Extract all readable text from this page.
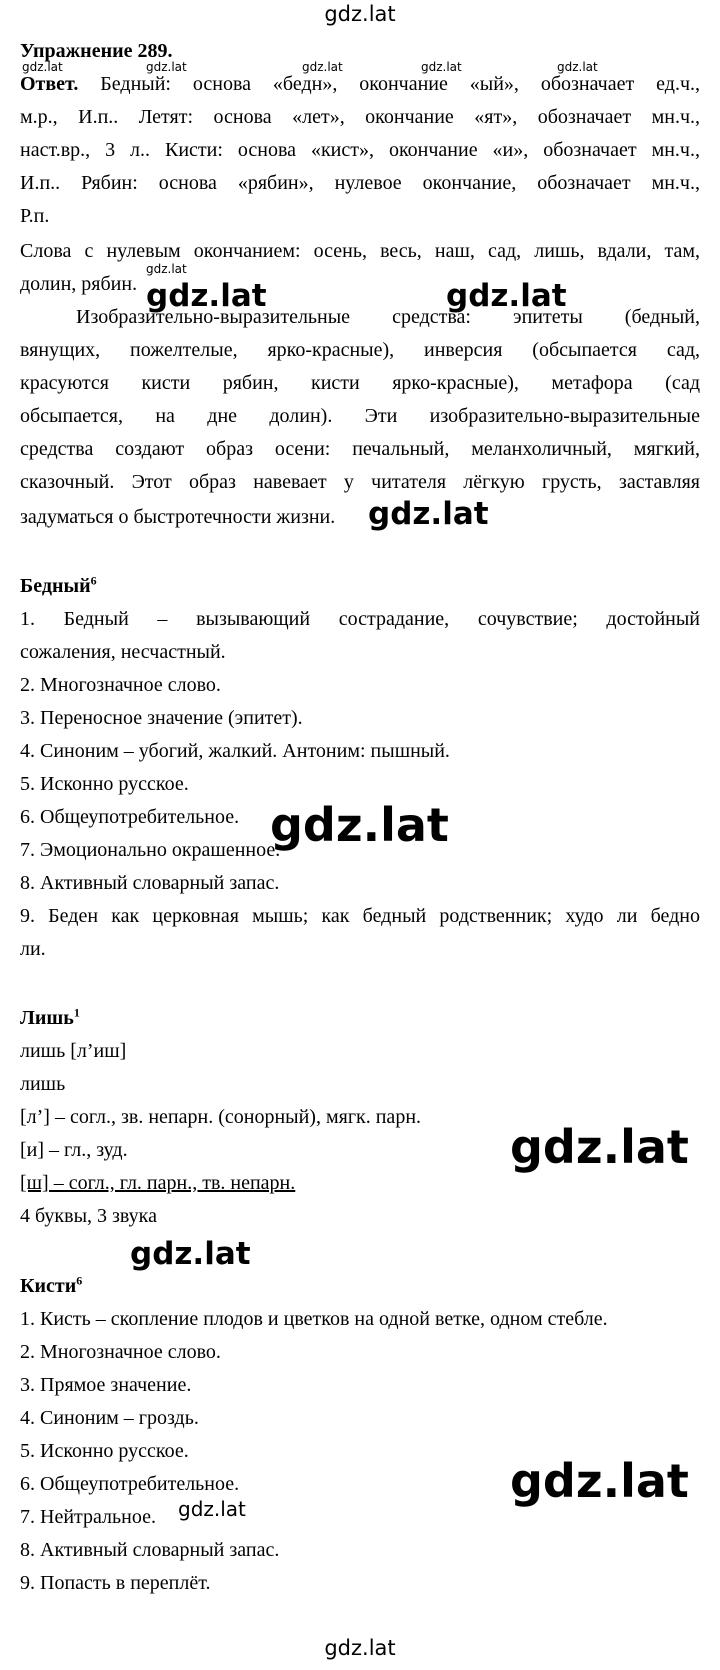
gdz.lat
Упражнение 289.
Ответ. Бедный: основа «бедн», окончание «ый», обозначает ед.ч.,
м.р., И.п.. Летят: основа «лет», окончание «ят», обозначает мн.ч.,
наст.вр., 3 л.. Кисти: основа «кист», окончание «и», обозначает мн.ч.,
И.п.. Рябин: основа «рябин», нулевое окончание, обозначает мн.ч.,
Р.п.
Слова с нулевым окончанием: осень, весь, наш, сад, лишь, вдали, там,
долин, рябин.
Изобразительно-выразительные средства: эпитеты (бедный,
вянущих, пожелтелые, ярко-красные), инверсия (обсыпается сад,
красуются кисти рябин, кисти ярко-красные), метафора (сад
обсыпается, на дне долин). Эти изобразительно-выразительные
средства создают образ осени: печальный, меланхоличный, мягкий,
сказочный. Этот образ навевает у читателя лёгкую грусть, заставляя
задуматься о быстротечности жизни.
Бедный$^6$
1. Бедный – вызывающий сострадание, сочувствие; достойный
сожаления, несчастный.
2. Многозначное слово.
3. Переносное значение (эпитет).
4. Синоним – убогий, жалкий. Антоним: пышный.
5. Исконно русское.
6. Общеупотребительное.
7. Эмоционально окрашенное.
8. Активный словарный запас.
9. Беден как церковная мышь; как бедный родственник; худо ли бедно
ли.
Лишь$^1$
лишь [л’иш]
лишь
[л’] – согл., зв. непарн. (сонорный), мягк. парн.
[и] – гл., зуд.
[ш] – согл., гл. парн., тв. непарн.
4 буквы, 3 звука
Кисти$^6$
1. Кисть – скопление плодов и цветков на одной ветке, одном стебле.
2. Многозначное слово.
3. Прямое значение.
4. Синоним – гроздь.
5. Исконно русское.
6. Общеупотребительное.
7. Нейтральное.
8. Активный словарный запас.
9. Попасть в переплёт.
gdz.lat	gdz.lat	gdz.lat	gdz.lat	gdz.lat
gdz.lat
gdz.lat	gdz.lat
gdz.lat
gdz.lat
gdz.lat
gdz.lat
gdz.lat
gdz.lat
gdz.lat
